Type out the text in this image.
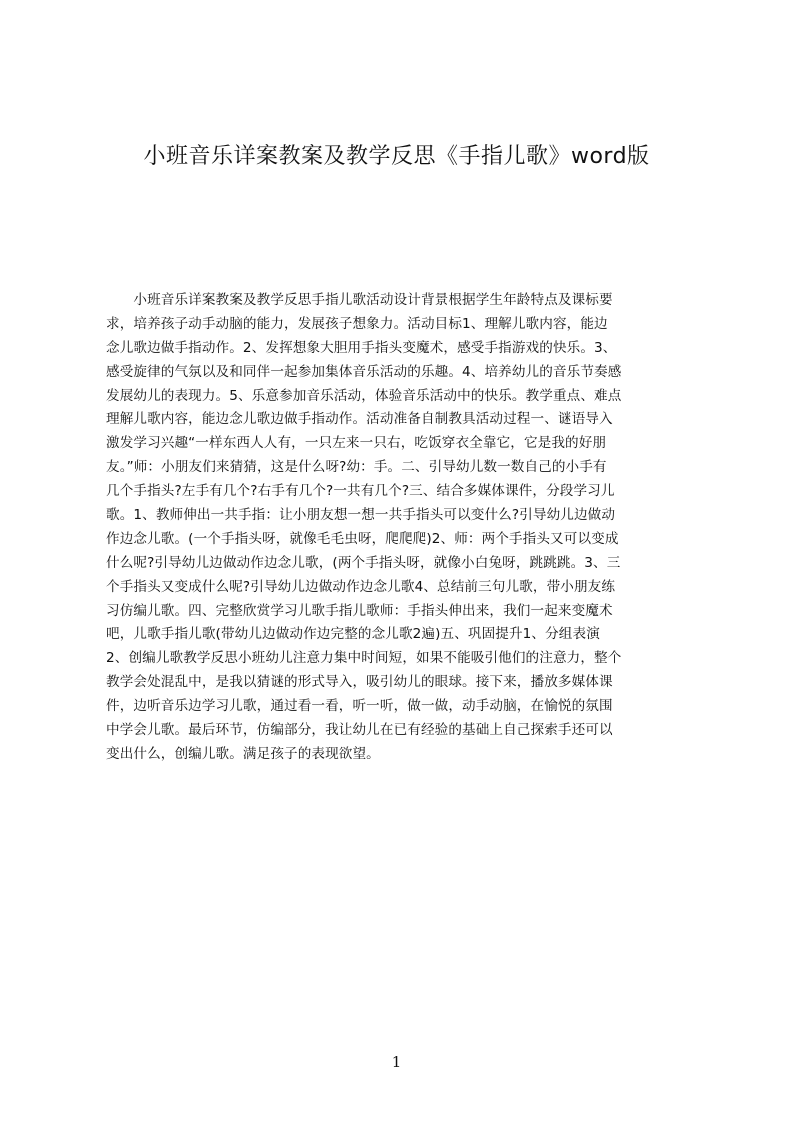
小班音乐详案教案及教学反思《手指儿歌》word版
　　小班音乐详案教案及教学反思手指儿歌活动设计背景根据学生年龄特点及课标要
求，培养孩子动手动脑的能力，发展孩子想象力。活动目标1、理解儿歌内容，能边
念儿歌边做手指动作。2、发挥想象大胆用手指头变魔术，感受手指游戏的快乐。3、
感受旋律的气氛以及和同伴一起参加集体音乐活动的乐趣。4、培养幼儿的音乐节奏感
发展幼儿的表现力。5、乐意参加音乐活动，体验音乐活动中的快乐。教学重点、难点
理解儿歌内容，能边念儿歌边做手指动作。活动准备自制教具活动过程一、谜语导入
激发学习兴趣“一样东西人人有，一只左来一只右，吃饭穿衣全靠它，它是我的好朋
友。”师：小朋友们来猜猜，这是什么呀?幼：手。二、引导幼儿数一数自己的小手有
几个手指头?左手有几个?右手有几个?一共有几个?三、结合多媒体课件，分段学习儿
歌。1、教师伸出一共手指：让小朋友想一想一共手指头可以变什么?引导幼儿边做动
作边念儿歌。(一个手指头呀，就像毛毛虫呀，爬爬爬)2、师：两个手指头又可以变成
什么呢?引导幼儿边做动作边念儿歌，(两个手指头呀，就像小白兔呀，跳跳跳。3、三
个手指头又变成什么呢?引导幼儿边做动作边念儿歌4、总结前三句儿歌，带小朋友练
习仿编儿歌。四、完整欣赏学习儿歌手指儿歌师：手指头伸出来，我们一起来变魔术
吧，儿歌手指儿歌(带幼儿边做动作边完整的念儿歌2遍)五、巩固提升1、分组表演
2、创编儿歌教学反思小班幼儿注意力集中时间短，如果不能吸引他们的注意力，整个
教学会处混乱中，是我以猜谜的形式导入，吸引幼儿的眼球。接下来，播放多媒体课
件，边听音乐边学习儿歌，通过看一看，听一听，做一做，动手动脑，在愉悦的氛围
中学会儿歌。最后环节，仿编部分，我让幼儿在已有经验的基础上自己探索手还可以
变出什么，创编儿歌。满足孩子的表现欲望。
1
